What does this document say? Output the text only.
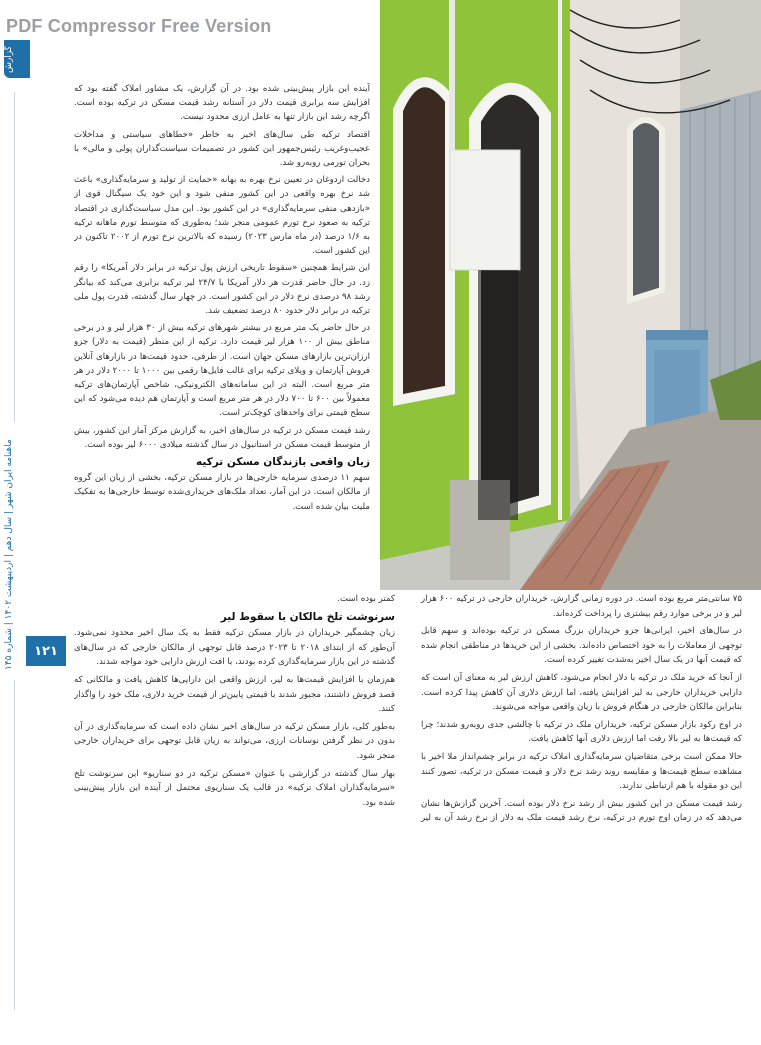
PDF Compressor Free Version
گزارش
ماهنامه ایران شهر | سال دهم | اردیبهشت ۱۴۰۲ | شماره ۱۴۵
۱۲۱

آینده این بازار پیش‌بینی شده بود. در آن گزارش، یک مشاور املاک گفته بود که افزایش سه برابری قیمت دلار در آستانه رشد قیمت مسکن در ترکیه بوده است. اگرچه رشد این بازار تنها به عامل ارزی محدود نیست.

اقتصاد ترکیه طی سال‌های اخیر به خاطر «خطاهای سیاستی و مداخلات عجیب‌وغریب رئیس‌جمهور این کشور در تصمیمات سیاست‌گذاران پولی و مالی» با بحران تورمی روبه‌رو شد.

دخالت اردوغان در تعیین نرخ بهره به بهانه «حمایت از تولید و سرمایه‌گذاری» باعث شد نرخ بهره واقعی در این کشور منفی شود و این خود یک سیگنال قوی از «بازدهی منفی سرمایه‌گذاری» در این کشور بود. این مدل سیاست‌گذاری در اقتصاد ترکیه به صعود نرخ تورم عمومی منجر شد؛ به‌طوری که متوسط تورم ماهانه ترکیه به ۱/۶ درصد (در ماه مارس ۲۰۲۳) رسیده که بالاترین نرخ تورم از ۲۰۰۲ تاکنون در این کشور است.

این شرایط همچنین «سقوط تاریخی ارزش پول ترکیه در برابر دلار آمریکا» را رقم زد. در حال حاضر قدرت هر دلار آمریکا با ۲۴/۷ لیر ترکیه برابری می‌کند که بیانگر رشد ۹۸ درصدی نرخ دلار در این کشور است. در چهار سال گذشته، قدرت پول ملی ترکیه در برابر دلار حدود ۸۰ درصد تضعیف شد.

در حال حاضر یک متر مربع در بیشتر شهرهای ترکیه بیش از ۳۰ هزار لیر و در برخی مناطق بیش از ۱۰۰ هزار لیر قیمت دارد. ترکیه از این منظر (قیمت به دلار) جزو ارزان‌ترین بازارهای مسکن جهان است. از طرفی، حدود قیمت‌ها در بازارهای آنلاین فروش آپارتمان و ویلای ترکیه برای غالب فایل‌ها رقمی بین ۱۰۰۰ تا ۲۰۰۰ دلار در هر متر مربع است. البته در این سامانه‌های الکترونیکی، شاخص آپارتمان‌های ترکیه معمولاً بین ۶۰۰ تا ۷۰۰ دلار در هر متر مربع است و آپارتمان هم دیده می‌شود که این سطح قیمتی برای واحدهای کوچک‌تر است.

رشد قیمت مسکن در ترکیه در سال‌های اخیر، به گزارش مرکز آمار این کشور، بیش از متوسط قیمت مسکن در استانبول در سال گذشته میلادی ۶۰۰۰ لیر بوده است.

زیان واقعی بازندگان مسکن ترکیه

سهم ۱۱ درصدی سرمایه خارجی‌ها در بازار مسکن ترکیه، بخشی از زیان این گروه از مالکان است. در این آمار، تعداد ملک‌های خریداری‌شده توسط خارجی‌ها به تفکیک ملیت بیان شده است.

۷۵ سانتی‌متر مربع بوده است. در دوره زمانی گزارش، خریداران خارجی در ترکیه ۶۰۰ هزار لیر و در برخی موارد رقم بیشتری را پرداخت کرده‌اند.

در سال‌های اخیر، ایرانی‌ها جزو خریداران بزرگ مسکن در ترکیه بوده‌اند و سهم قابل توجهی از معاملات را به خود اختصاص داده‌اند. بخشی از این خریدها در مناطقی انجام شده که قیمت آنها در یک سال اخیر به‌شدت تغییر کرده است.

از آنجا که خرید ملک در ترکیه با دلار انجام می‌شود، کاهش ارزش لیر به معنای آن است که دارایی خریداران خارجی به لیر افزایش یافته، اما ارزش دلاری آن کاهش پیدا کرده است. بنابراین مالکان خارجی در هنگام فروش با زیان واقعی مواجه می‌شوند.

در اوج رکود بازار مسکن ترکیه، خریداران ملک در ترکیه با چالشی جدی روبه‌رو شدند؛ چرا که قیمت‌ها به لیر بالا رفت اما ارزش دلاری آنها کاهش یافت.

حالا ممکن است برخی متقاضیان سرمایه‌گذاری املاک ترکیه در برابر چشم‌انداز ملا اخیر با مشاهده سطح قیمت‌ها و مقایسه روند رشد نرخ دلار و قیمت مسکن در ترکیه، تصور کنند این دو مقوله با هم ارتباطی ندارند.

رشد قیمت مسکن در این کشور بیش از رشد نرخ دلار بوده است. آخرین گزارش‌ها نشان می‌دهد که در زمان اوج تورم در ترکیه، نرخ رشد قیمت ملک به دلار از نرخ رشد آن به لیر کمتر بوده است.

سرنوشت تلخ مالکان با سقوط لیر

زیان چشمگیر خریداران در بازار مسکن ترکیه فقط به یک سال اخیر محدود نمی‌شود. آن‌طور که از ابتدای ۲۰۱۸ تا ۲۰۲۳ درصد قابل توجهی از مالکان خارجی که در سال‌های گذشته در این بازار سرمایه‌گذاری کرده بودند، با افت ارزش دارایی خود مواجه شدند.

هم‌زمان با افزایش قیمت‌ها به لیر، ارزش واقعی این دارایی‌ها کاهش یافت و مالکانی که قصد فروش داشتند، مجبور شدند با قیمتی پایین‌تر از قیمت خرید دلاری، ملک خود را واگذار کنند.

به‌طور کلی، بازار مسکن ترکیه در سال‌های اخیر نشان داده است که سرمایه‌گذاری در آن بدون در نظر گرفتن نوسانات ارزی، می‌تواند به زیان قابل توجهی برای خریداران خارجی منجر شود.

بهار سال گذشته در گزارشی با عنوان «مسکن ترکیه در دو سناریو» این سرنوشت تلخ «سرمایه‌گذاران املاک ترکیه» در قالب یک سناریوی محتمل از آینده این بازار پیش‌بینی شده بود.
